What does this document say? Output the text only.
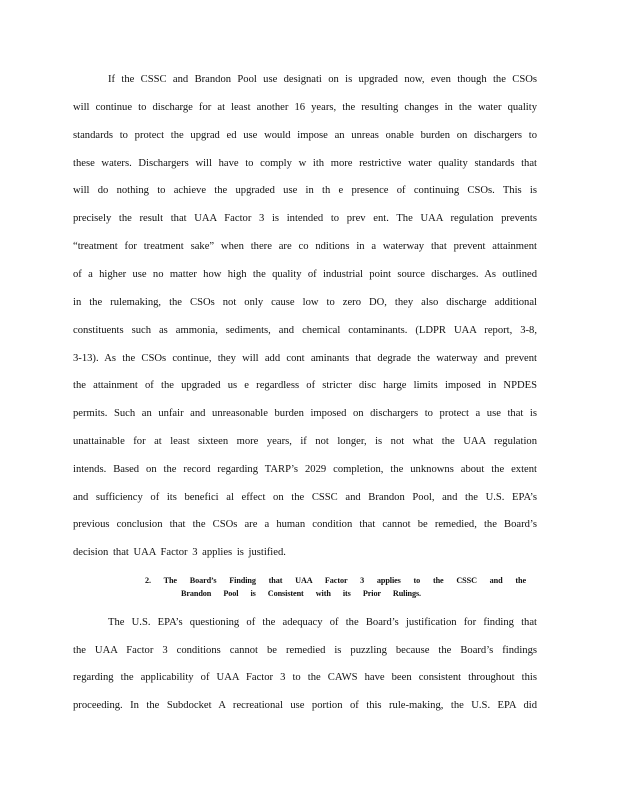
If the CSSC and Brandon Pool use designati on is upgraded now, even though the CSOs
will continue to discharge for at least another 16 years, the resulting changes in the water quality
standards to protect the upgrad ed use would impose an unreas onable burden on dischargers to
these waters. Dischargers will have to comply w ith more restrictive water quality standards that
will do nothing to achieve the upgraded use in th e presence of continuing CSOs. This is
precisely the result that UAA Factor 3 is intended to prev ent. The UAA regulation prevents
“treatment for treatment sake” when there are co nditions in a waterway that prevent attainment
of a higher use no matter how high the quality of industrial point source discharges. As outlined
in the rulemaking, the CSOs not only cause low to zero DO, they also discharge additional
constituents such as ammonia, sediments, and chemical contaminants. (LDPR UAA report, 3-8,
3-13). As the CSOs continue, they will add cont aminants that degrade the waterway and prevent
the attainment of the upgraded us e regardless of stricter disc harge limits imposed in NPDES
permits. Such an unfair and unreasonable burden imposed on dischargers to protect a use that is
unattainable for at least sixteen more years, if not longer, is not what the UAA regulation
intends. Based on the record regarding TARP’s 2029 completion, the unknowns about the extent
and sufficiency of its benefici al effect on the CSSC and Brandon Pool, and the U.S. EPA’s
previous conclusion that the CSOs are a human condition that cannot be remedied, the Board’s
decision that UAA Factor 3 applies is justified.
2. The Board’s Finding that UAA Factor 3 applies to the CSSC and the
Brandon Pool is Consistent with its Prior Rulings.
The U.S. EPA’s questioning of the adequacy of the Board’s justification for finding that
the UAA Factor 3 conditions cannot be remedied is puzzling because the Board’s findings
regarding the applicability of UAA Factor 3 to the CAWS have been consistent throughout this
proceeding. In the Subdocket A recreational use portion of this rule-making, the U.S. EPA did
